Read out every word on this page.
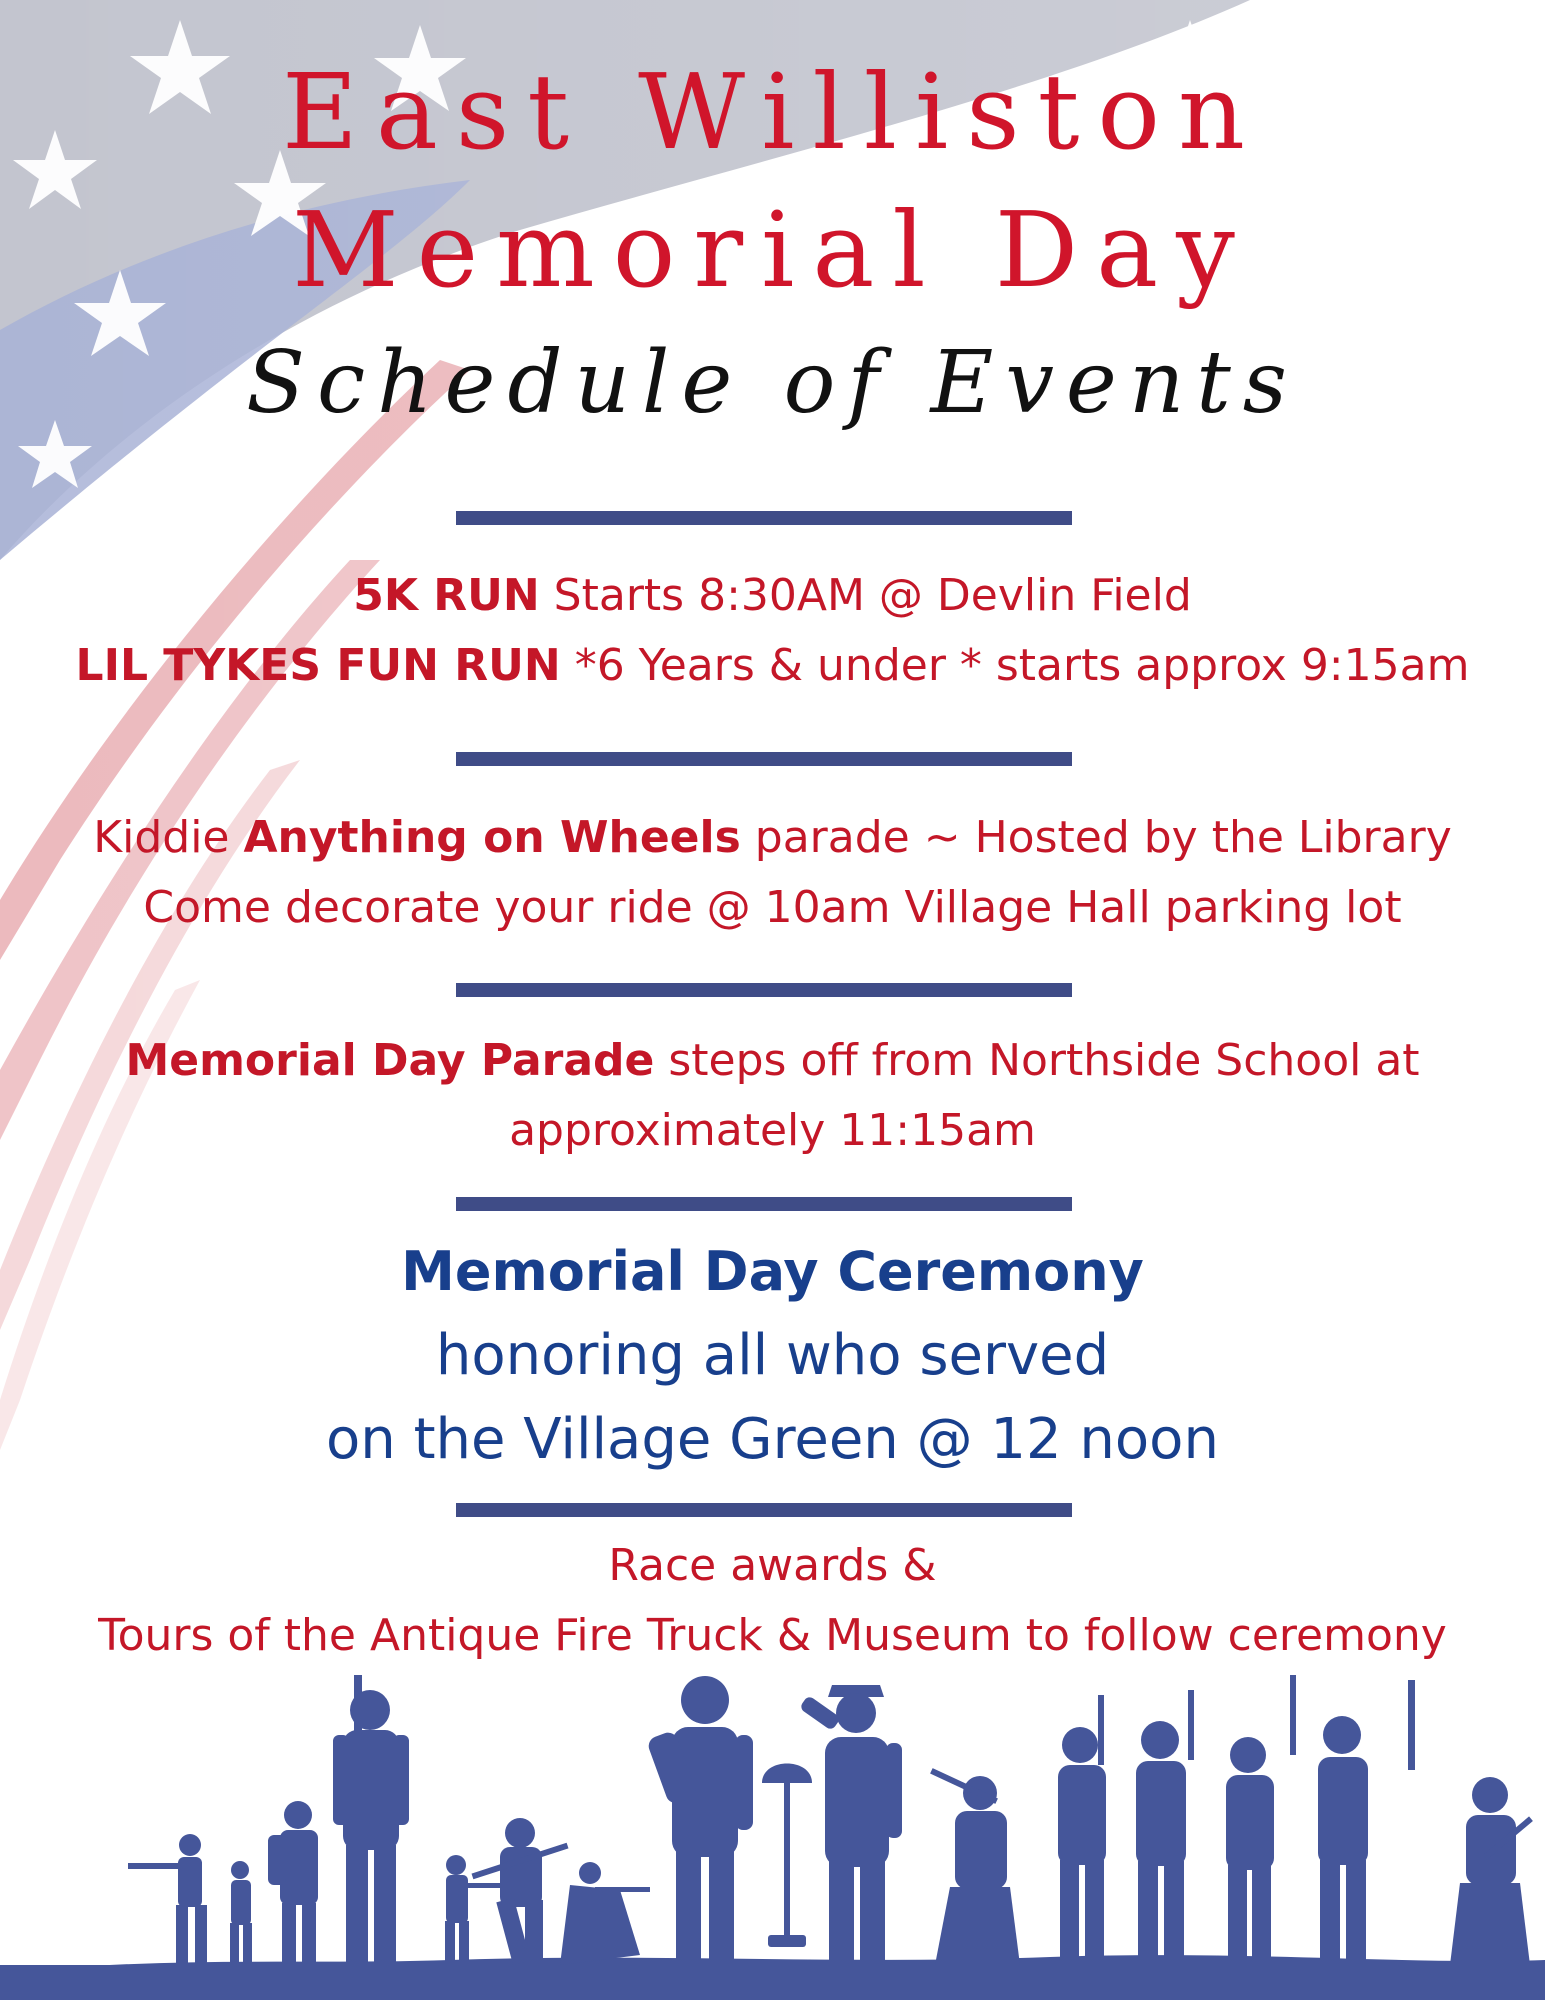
East Williston
Memorial Day
Schedule of Events
5K RUN Starts 8:30AM @ Devlin Field
LIL TYKES FUN RUN *6 Years & under * starts approx 9:15am
Kiddie Anything on Wheels parade ~ Hosted by the Library
Come decorate your ride @ 10am Village Hall parking lot
Memorial Day Parade steps off from Northside School at
approximately 11:15am
Memorial Day Ceremony
honoring all who served
on the Village Green @ 12 noon
Race awards &
Tours of the Antique Fire Truck & Museum to follow ceremony
